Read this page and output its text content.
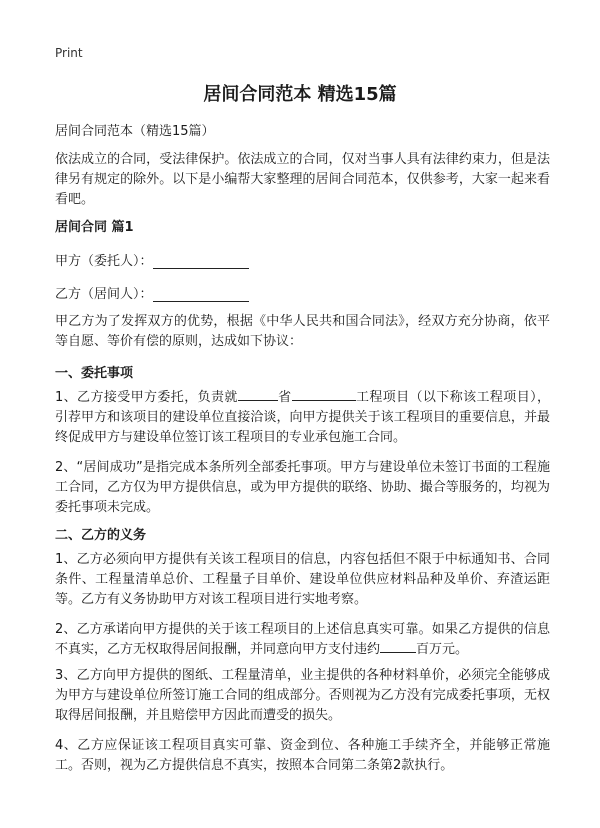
Print
居间合同范本 精选15篇
居间合同范本（精选15篇）
依法成立的合同，受法律保护。依法成立的合同，仅对当事人具有法律约束力，但是法律另有规定的除外。以下是小编帮大家整理的居间合同范本，仅供参考，大家一起来看看吧。
居间合同 篇1
甲方（委托人）：
乙方（居间人）：
甲乙方为了发挥双方的优势，根据《中华人民共和国合同法》，经双方充分协商，依平等自愿、等价有偿的原则，达成如下协议：
一、委托事项
1、乙方接受甲方委托，负责就	省	工程项目（以下称该工程项目），引荐甲方和该项目的建设单位直接洽谈，向甲方提供关于该工程项目的重要信息，并最终促成甲方与建设单位签订该工程项目的专业承包施工合同。
2、“居间成功”是指完成本条所列全部委托事项。甲方与建设单位未签订书面的工程施工合同，乙方仅为甲方提供信息，或为甲方提供的联络、协助、撮合等服务的，均视为委托事项未完成。
二、乙方的义务
1、乙方必须向甲方提供有关该工程项目的信息，内容包括但不限于中标通知书、合同条件、工程量清单总价、工程量子目单价、建设单位供应材料品种及单价、弃渣运距等。乙方有义务协助甲方对该工程项目进行实地考察。
2、乙方承诺向甲方提供的关于该工程项目的上述信息真实可靠。如果乙方提供的信息不真实，乙方无权取得居间报酬，并同意向甲方支付违约	百万元。
3、乙方向甲方提供的图纸、工程量清单，业主提供的各种材料单价，必须完全能够成为甲方与建设单位所签订施工合同的组成部分。否则视为乙方没有完成委托事项，无权取得居间报酬，并且赔偿甲方因此而遭受的损失。
4、乙方应保证该工程项目真实可靠、资金到位、各种施工手续齐全，并能够正常施工。否则，视为乙方提供信息不真实，按照本合同第二条第2款执行。
